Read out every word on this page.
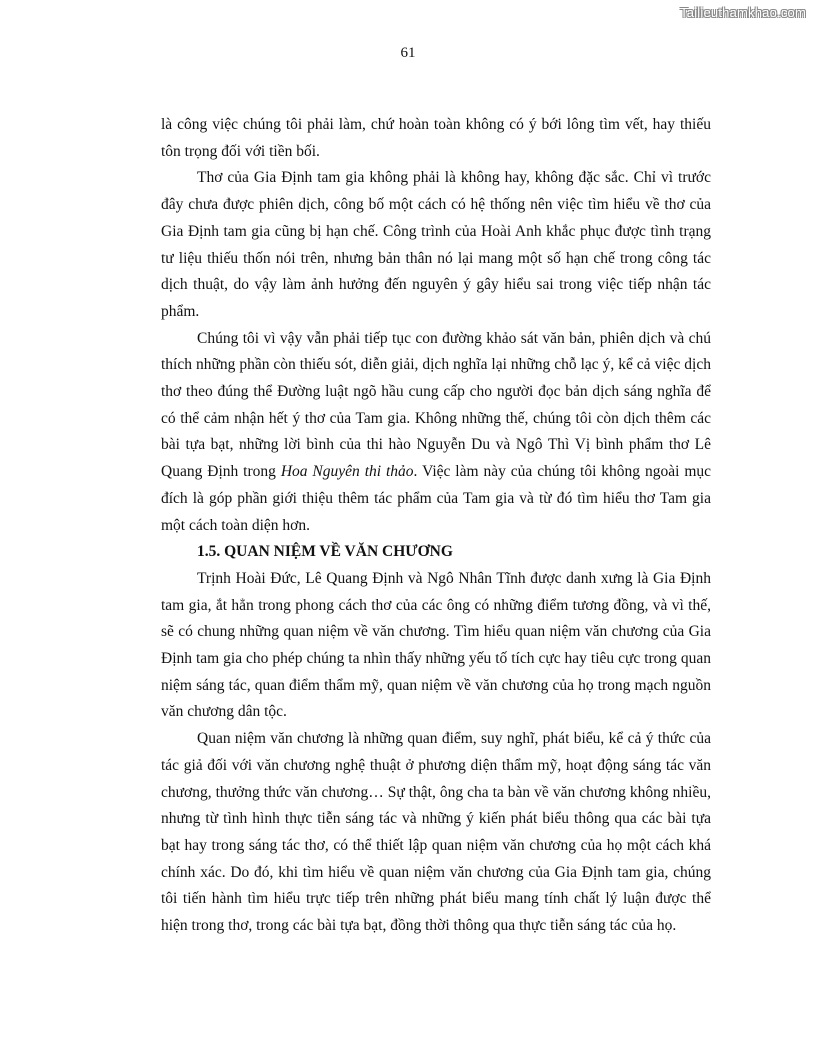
Tailieuthamkhao.com
61

là công việc chúng tôi phải làm, chứ hoàn toàn không có ý bới lông tìm vết, hay thiếu tôn trọng đối với tiền bối.

Thơ của Gia Định tam gia không phải là không hay, không đặc sắc. Chỉ vì trước đây chưa được phiên dịch, công bố một cách có hệ thống nên việc tìm hiểu về thơ của Gia Định tam gia cũng bị hạn chế. Công trình của Hoài Anh khắc phục được tình trạng tư liệu thiếu thốn nói trên, nhưng bản thân nó lại mang một số hạn chế trong công tác dịch thuật, do vậy làm ảnh hưởng đến nguyên ý gây hiểu sai trong việc tiếp nhận tác phẩm.

Chúng tôi vì vậy vẫn phải tiếp tục con đường khảo sát văn bản, phiên dịch và chú thích những phần còn thiếu sót, diễn giải, dịch nghĩa lại những chỗ lạc ý, kể cả việc dịch thơ theo đúng thể Đường luật ngõ hầu cung cấp cho người đọc bản dịch sáng nghĩa để có thể cảm nhận hết ý thơ của Tam gia. Không những thế, chúng tôi còn dịch thêm các bài tựa bạt, những lời bình của thi hào Nguyễn Du và Ngô Thì Vị bình phẩm thơ Lê Quang Định trong Hoa Nguyên thi thảo. Việc làm này của chúng tôi không ngoài mục đích là góp phần giới thiệu thêm tác phẩm của Tam gia và từ đó tìm hiểu thơ Tam gia một cách toàn diện hơn.

1.5. QUAN NIỆM VỀ VĂN CHƯƠNG

Trịnh Hoài Đức, Lê Quang Định và Ngô Nhân Tĩnh được danh xưng là Gia Định tam gia, ắt hẳn trong phong cách thơ của các ông có những điểm tương đồng, và vì thế, sẽ có chung những quan niệm về văn chương. Tìm hiểu quan niệm văn chương của Gia Định tam gia cho phép chúng ta nhìn thấy những yếu tố tích cực hay tiêu cực trong quan niệm sáng tác, quan điểm thẩm mỹ, quan niệm về văn chương của họ trong mạch nguồn văn chương dân tộc.

Quan niệm văn chương là những quan điểm, suy nghĩ, phát biểu, kể cả ý thức của tác giả đối với văn chương nghệ thuật ở phương diện thẩm mỹ, hoạt động sáng tác văn chương, thưởng thức văn chương… Sự thật, ông cha ta bàn về văn chương không nhiều, nhưng từ tình hình thực tiễn sáng tác và những ý kiến phát biểu thông qua các bài tựa bạt hay trong sáng tác thơ, có thể thiết lập quan niệm văn chương của họ một cách khá chính xác. Do đó, khi tìm hiểu về quan niệm văn chương của Gia Định tam gia, chúng tôi tiến hành tìm hiểu trực tiếp trên những phát biểu mang tính chất lý luận được thể hiện trong thơ, trong các bài tựa bạt, đồng thời thông qua thực tiễn sáng tác của họ.
